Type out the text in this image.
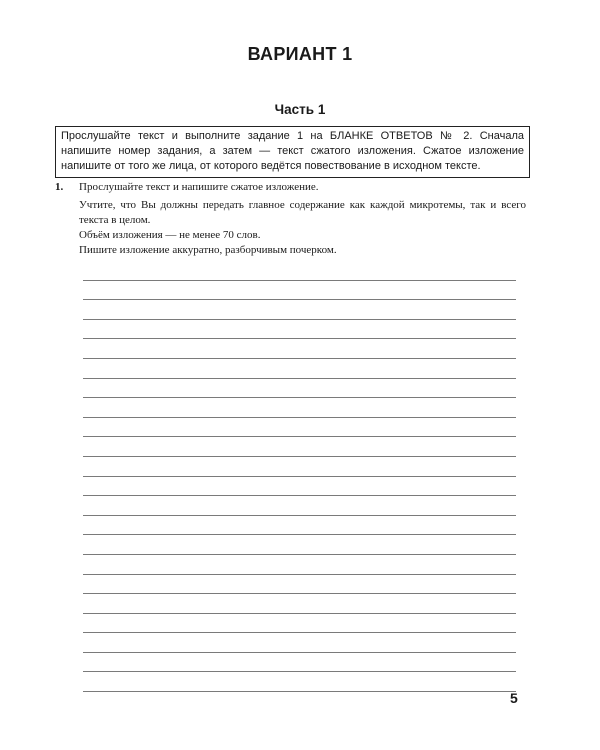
ВАРИАНТ 1
Часть 1
Прослушайте текст и выполните задание 1 на БЛАНКЕ ОТВЕТОВ № 2. Сначала напишите номер задания, а затем — текст сжатого изложения. Сжатое изложение напишите от того же лица, от которого ведётся повествование в исходном тексте.
1. Прослушайте текст и напишите сжатое изложение.
Учтите, что Вы должны передать главное содержание как каждой микротемы, так и всего текста в целом.
Объём изложения — не менее 70 слов.
Пишите изложение аккуратно, разборчивым почерком.
5
